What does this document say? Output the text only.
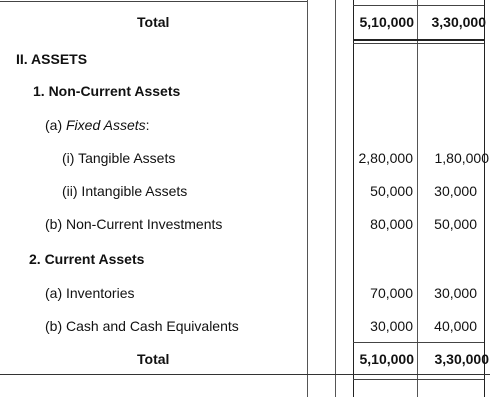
Total	5,10,000 3,30,000
II. ASSETS
1. Non-Current Assets
(a) Fixed Assets:
(i) Tangible Assets	2,80,000 1,80,000
(ii) Intangible Assets	50,000 30,000
(b) Non-Current Investments	80,000 50,000
2. Current Assets
(a) Inventories	70,000 30,000
(b) Cash and Cash Equivalents	30,000 40,000
Total	5,10,000 3,30,000
